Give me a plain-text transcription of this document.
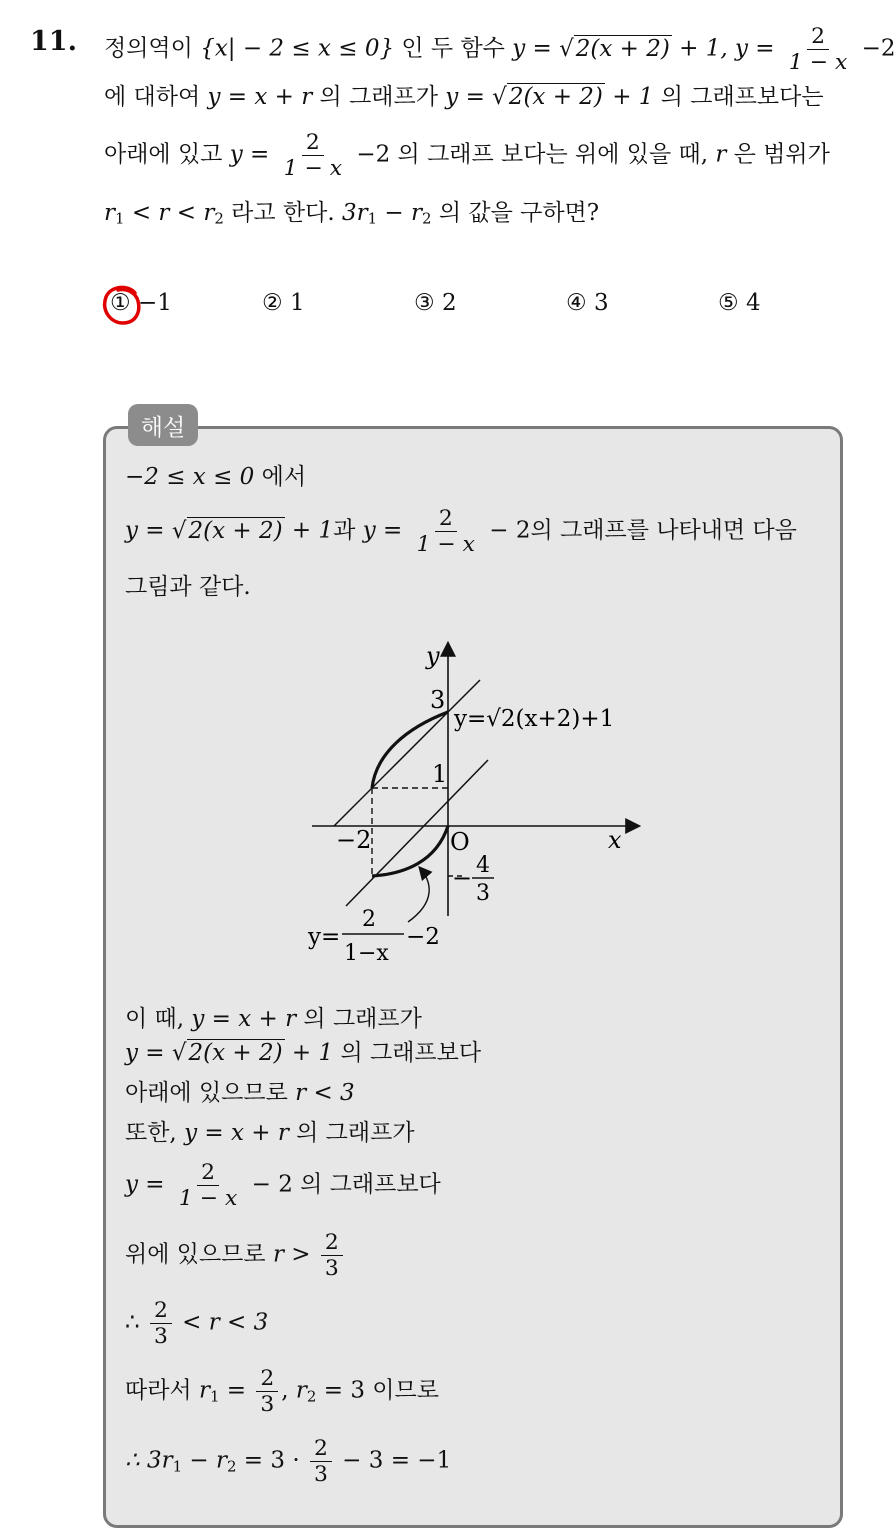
11. 정의역이 {x| − 2 ≤ x ≤ 0} 인 두 함수 y = √2(x + 2) + 1, $y = \frac{2}{1 - x} -2$
에 대하여 y = x + r 의 그래프가 y = √2(x + 2) + 1 의 그래프보다는
아래에 있고 $y = \frac{2}{1 - x} -2$ 의 그래프 보다는 위에 있을 때, r 은 범위가
$r_1 < r < r_2$ 라고 한다. $3r_1 - r_2$ 의 값을 구하면?
① −1	② 1	③ 2	④ 3	⑤ 4
해설
−2 ≤ x ≤ 0 에서
y = √2(x + 2) + 1과 $y = \frac{2}{1 - x} - 2$의 그래프를 나타내면 다음
그림과 같다.
y
x
O
3
1
−2
− 4
3
y=√2(x+2)+1
y=
2
1−x
−2
이 때, y = x + r 의 그래프가
y = √2(x + 2) + 1 의 그래프보다
아래에 있으므로 r < 3
또한, y = x + r 의 그래프가
$y = \frac{2}{1 - x} - 2$ 의 그래프보다
위에 있으므로 $r > \frac{2}{3}$
∴ $\frac{2}{3} < r < 3$
따라서 $r_1 = \frac{2}{3}$ , $r_2 = 3$ 이므로
∴ $3r_1 - r_2 = 3 \cdot \frac{2}{3} - 3 = -1$
